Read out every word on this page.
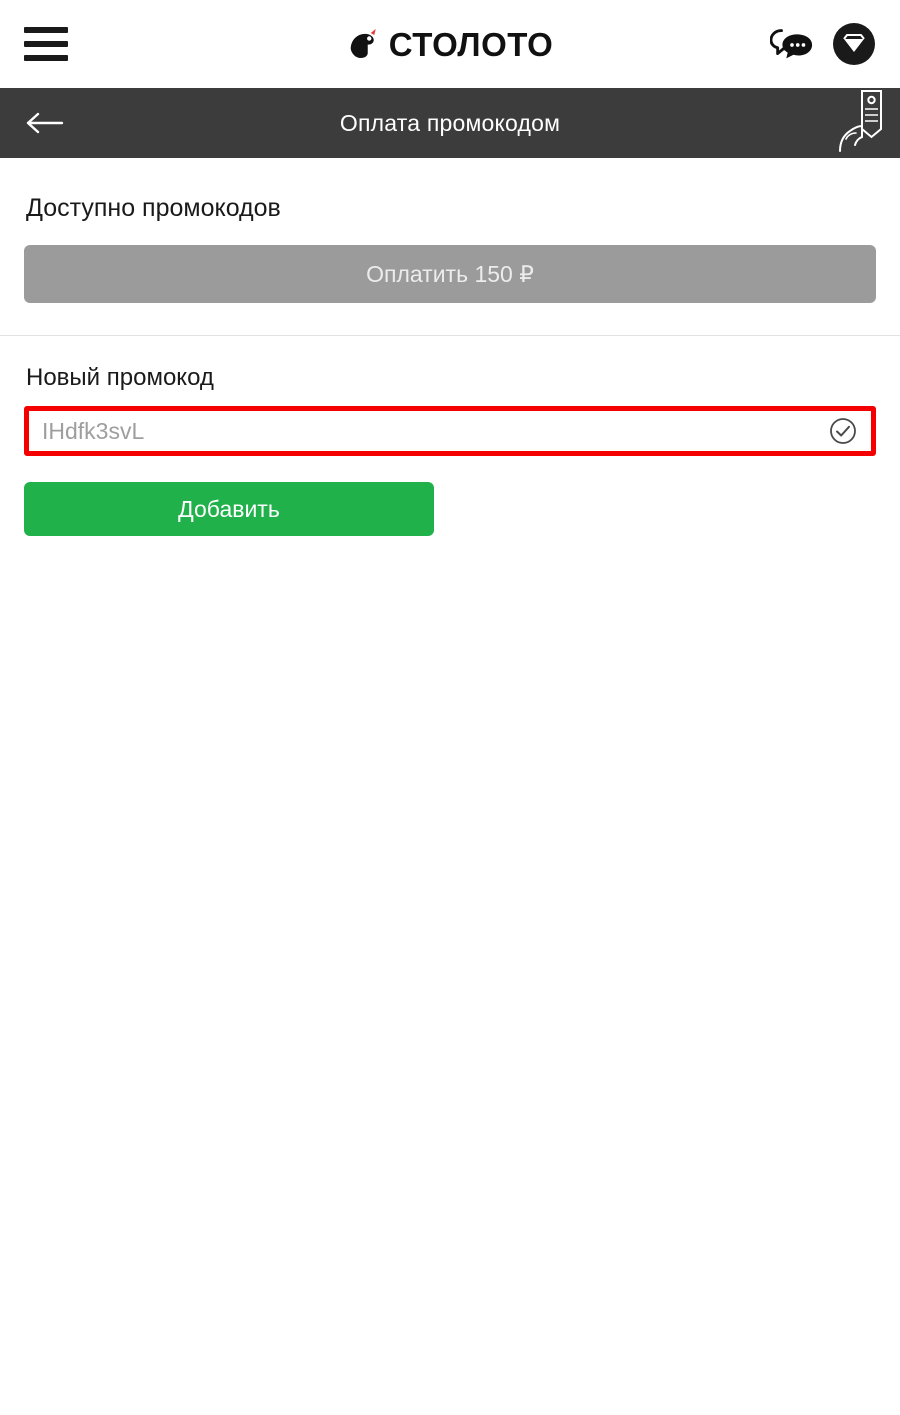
СТОЛОТО
Оплата промокодом
Доступно промокодов
Оплатить 150 ₽
Новый промокод
IHdfk3svL
Добавить
